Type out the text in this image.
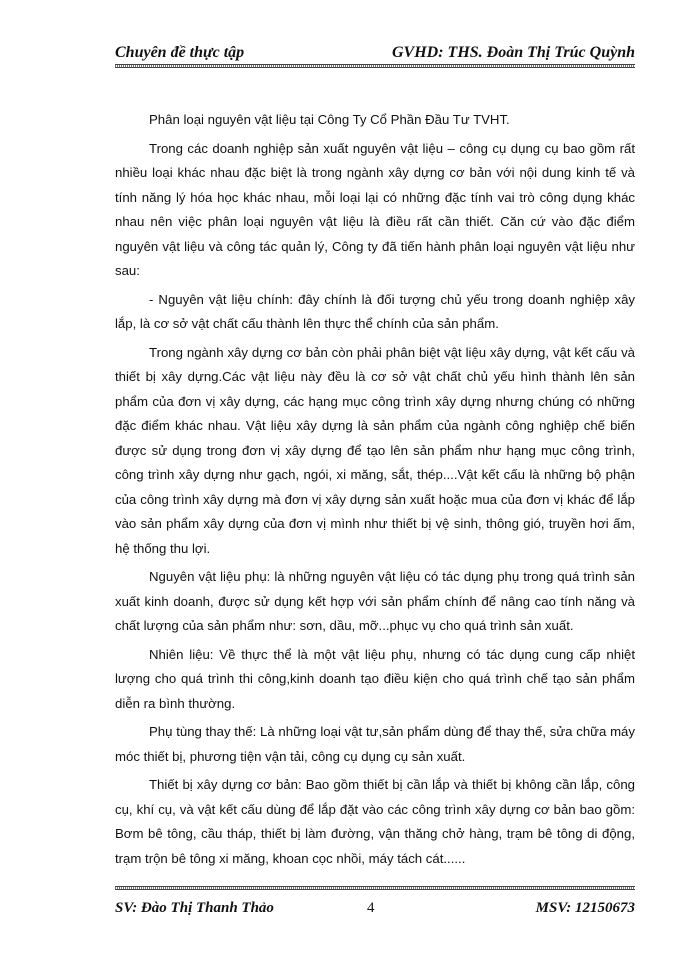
Chuyên đề thực tập	GVHD: THS. Đoàn Thị Trúc Quỳnh

Phân loại nguyên vật liệu tại Công Ty Cổ Phần Đầu Tư TVHT.

Trong các doanh nghiệp sản xuất nguyên vật liệu – công cụ dụng cụ bao gồm rất nhiều loại khác nhau đặc biệt là trong ngành xây dựng cơ bản với nội dung kinh tế và tính năng lý hóa học khác nhau, mỗi loại lại có những đặc tính vai trò công dụng khác nhau nên việc phân loại nguyên vật liệu là điều rất cần thiết. Căn cứ vào đặc điểm nguyên vật liệu và công tác quản lý, Công ty đã tiến hành phân loại nguyên vật liệu như sau:

- Nguyên vật liệu chính: đây chính là đối tượng chủ yếu trong doanh nghiệp xây lắp, là cơ sở vật chất cấu thành lên thực thể chính của sản phẩm.

Trong ngành xây dựng cơ bản còn phải phân biệt vật liệu xây dựng, vật kết cấu và thiết bị xây dựng.Các vật liệu này đều là cơ sở vật chất chủ yếu hình thành lên sản phẩm của đơn vị xây dựng, các hạng mục công trình xây dựng nhưng chúng có những đặc điểm khác nhau. Vật liệu xây dựng là sản phẩm của ngành công nghiệp chế biến được sử dụng trong đơn vị xây dựng để tạo lên sản phẩm như hạng mục công trình, công trình xây dựng như gạch, ngói, xi măng, sắt, thép....Vật kết cấu là những bộ phận của công trình xây dựng mà đơn vị xây dựng sản xuất hoặc mua của đơn vị khác để lắp vào sản phẩm xây dựng của đơn vị mình như thiết bị vệ sinh, thông gió, truyền hơi ấm, hệ thống thu lợi.

Nguyên vật liệu phụ: là những nguyên vật liệu có tác dụng phụ trong quá trình sản xuất kinh doanh, được sử dụng kết hợp với sản phẩm chính để nâng cao tính năng và chất lượng của sản phẩm như: sơn, dầu, mỡ...phục vụ cho quá trình sản xuất.

Nhiên liệu: Về thực thể là một vật liệu phụ, nhưng có tác dụng cung cấp nhiệt lượng cho quá trình thi công,kinh doanh tạo điều kiện cho quá trình chế tạo sản phẩm diễn ra bình thường.

Phụ tùng thay thế: Là những loại vật tư,sản phẩm dùng để thay thế, sửa chữa máy móc thiết bị, phương tiện vận tải, công cụ dụng cụ sản xuất.

Thiết bị xây dựng cơ bản: Bao gồm thiết bị cần lắp và thiết bị không cần lắp, công cụ, khí cụ, và vật kết cấu dùng để lắp đặt vào các công trình xây dựng cơ bản bao gồm: Bơm bê tông, cầu tháp, thiết bị làm đường, vận thăng chở hàng, trạm bê tông di động, trạm trộn bê tông xi măng, khoan cọc nhồi, máy tách cát......

SV: Đào Thị Thanh Thảo	4	MSV: 12150673
